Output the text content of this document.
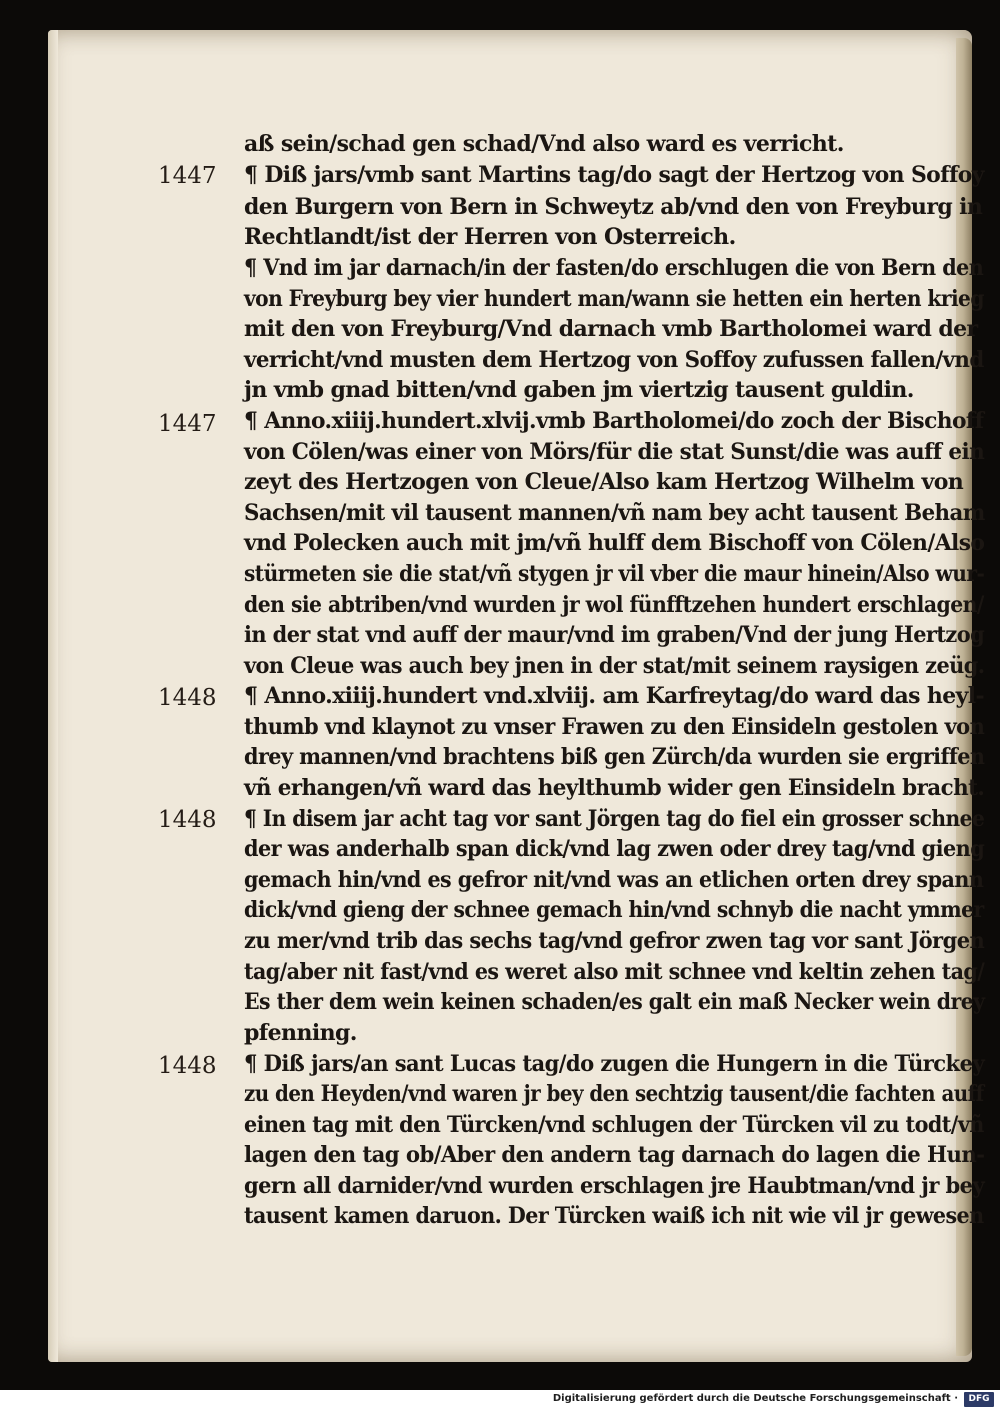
aß sein/schad gen schad/Vnd also ward es verricht.
1447 ¶ Diß jars/vmb sant Martins tag/do sagt der Hertzog von Soffoy
den Burgern von Bern in Schweytz ab/vnd den von Freyburg in
Rechtlandt/ist der Herren von Osterreich.
¶ Vnd im jar darnach/in der fasten/do erschlugen die von Bern den
von Freyburg bey vier hundert man/wann sie hetten ein herten krieg
mit den von Freyburg/Vnd darnach vmb Bartholomei ward der
verricht/vnd musten dem Hertzog von Soffoy zufussen fallen/vnd
jn vmb gnad bitten/vnd gaben jm viertzig tausent guldin.
1447 ¶ Anno.xiiij.hundert.xlvij.vmb Bartholomei/do zoch der Bischoff
von Cölen/was einer von Mörs/für die stat Sunst/die was auff ein
zeyt des Hertzogen von Cleue/Also kam Hertzog Wilhelm von
Sachsen/mit vil tausent mannen/vñ nam bey acht tausent Beham
vnd Polecken auch mit jm/vñ hulff dem Bischoff von Cölen/Also
stürmeten sie die stat/vñ stygen jr vil vber die maur hinein/Also wur-
den sie abtriben/vnd wurden jr wol fünfftzehen hundert erschlagen/
in der stat vnd auff der maur/vnd im graben/Vnd der jung Hertzog
von Cleue was auch bey jnen in der stat/mit seinem raysigen zeüg.
1448 ¶ Anno.xiiij.hundert vnd.xlviij. am Karfreytag/do ward das heyl-
thumb vnd klaynot zu vnser Frawen zu den Einsideln gestolen von
drey mannen/vnd brachtens biß gen Zürch/da wurden sie ergriffen
vñ erhangen/vñ ward das heylthumb wider gen Einsideln bracht.
1448 ¶ In disem jar acht tag vor sant Jörgen tag do fiel ein grosser schnee
der was anderhalb span dick/vnd lag zwen oder drey tag/vnd gieng
gemach hin/vnd es gefror nit/vnd was an etlichen orten drey spann
dick/vnd gieng der schnee gemach hin/vnd schnyb die nacht ymmer
zu mer/vnd trib das sechs tag/vnd gefror zwen tag vor sant Jörgen
tag/aber nit fast/vnd es weret also mit schnee vnd keltin zehen tag/
Es ther dem wein keinen schaden/es galt ein maß Necker wein drey
pfenning.
1448 ¶ Diß jars/an sant Lucas tag/do zugen die Hungern in die Türckey
zu den Heyden/vnd waren jr bey den sechtzig tausent/die fachten auff
einen tag mit den Türcken/vnd schlugen der Türcken vil zu todt/vñ
lagen den tag ob/Aber den andern tag darnach do lagen die Hun-
gern all darnider/vnd wurden erschlagen jre Haubtman/vnd jr bey
tausent kamen daruon. Der Türcken waiß ich nit wie vil jr gewesen
Digitalisierung gefördert durch die Deutsche Forschungsgemeinschaft ·	DFG
